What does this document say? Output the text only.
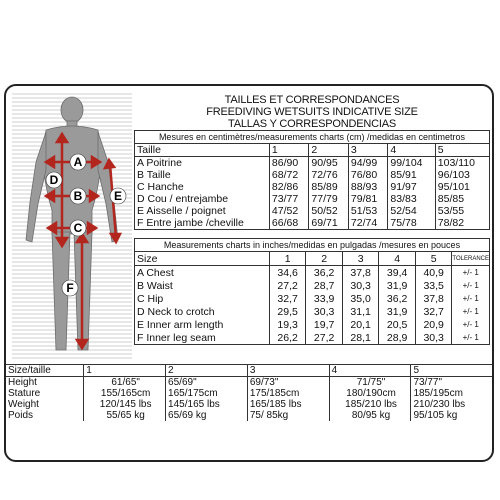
A
B
C
D
E
F
TAILLES ET CORRESPONDANCES
FREEDIVING WETSUITS INDICATIVE SIZE
TALLAS Y CORRESPONDENCIAS
Mesures en centimètres/measurements charts (cm) /medidas en centimetros
Taille	1	2	3	4	5
A Poitrine	86/90	90/95	94/99	99/104	103/110
B Taille	68/72	72/76	76/80	85/91	96/103
C Hanche	82/86	85/89	88/93	91/97	95/101
D Cou / entrejambe	73/77	77/79	79/81	83/83	85/85
E Aisselle / poignet	47/52	50/52	51/53	52/54	53/55
F Entre jambe /cheville	66/68	69/71	72/74	75/78	78/82
Measurements charts in inches/medidas en pulgadas /mesures en pouces
Size	1	2	3	4	5	TOLERANCE
A Chest	34,6	36,2	37,8	39,4	40,9	+/- 1
B Waist	27,2	28,7	30,3	31,9	33,5	+/- 1
C Hip	32,7	33,9	35,0	36,2	37,8	+/- 1
D Neck to crotch	29,5	30,3	31,1	31,9	32,7	+/- 1
E Inner arm length	19,3	19,7	20,1	20,5	20,9	+/- 1
F Inner leg seam	26,2	27,2	28,1	28,9	30,3	+/- 1
Size/taille	1	2	3	4	5
Height	61/65"	65/69"	69/73"	71/75"	73/77"
Stature	155/165cm	165/175cm	175/185cm	180/190cm	185/195cm
Weight	120/145 lbs	145/165 lbs	165/185 lbs	185/210 lbs	210/230 lbs
Poids	55/65 kg	65/69 kg	75/ 85kg	80/95 kg	95/105 kg
